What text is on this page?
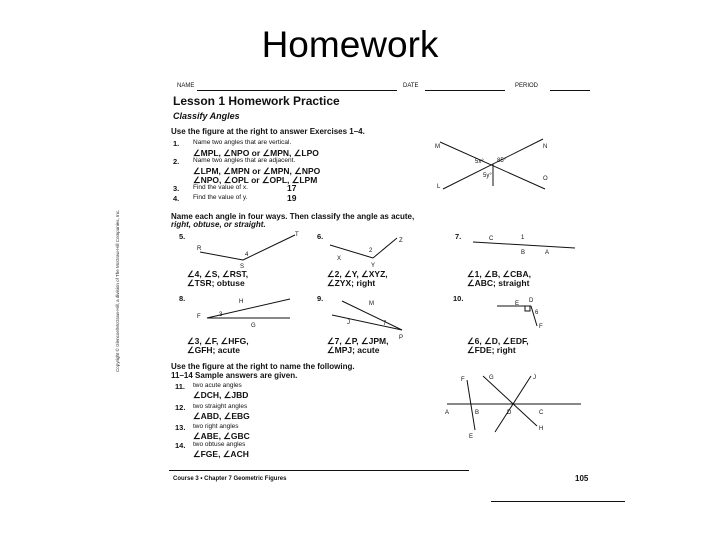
Homework
Copyright © Glencoe/McGraw-Hill, a division of The McGraw-Hill Companies, Inc.
NAME	DATE	PERIOD
Lesson 1 Homework Practice
Classify Angles
Use the figure at the right to answer Exercises 1–4.
1. Name two angles that are vertical.
∠MPL, ∠NPO or ∠MPN, ∠LPO
2. Name two angles that are adjacent.
∠LPM, ∠MPN or ∠MPN, ∠NPO
∠NPO, ∠OPL or ∠OPL, ∠LPM
3. Find the value of x.	17
4. Find the value of y.	19
M	N
L
O
5x° 85°
5y°
Name each angle in four ways. Then classify the angle as acute,
right, obtuse, or straight.
5.
R
T
S
4
∠4, ∠S, ∠RST,
∠TSR; obtuse
6.
X
Z
Y
2
∠2, ∠Y, ∠XYZ,
∠ZYX; right
7.	C
B	A
1
∠1, ∠B, ∠CBA,
∠ABC; straight
8.	H
F
G
3
∠3, ∠F, ∠HFG,
∠GFH; acute
9.
M
J
P
7
∠7, ∠P, ∠JPM,
∠MPJ; acute
10.	D
E
F
6
∠6, ∠D, ∠EDF,
∠FDE; right
Use the figure at the right to name the following.
11–14 Sample answers are given.
11. two acute angles
∠DCH, ∠JBD
12. two straight angles
∠ABD, ∠EBG
13. two right angles
∠ABE, ∠GBC
14. two obtuse angles
∠FGE, ∠ACH
F	G	J
A	B	D	C
E
H
Course 3 • Chapter 7 Geometric Figures	105
